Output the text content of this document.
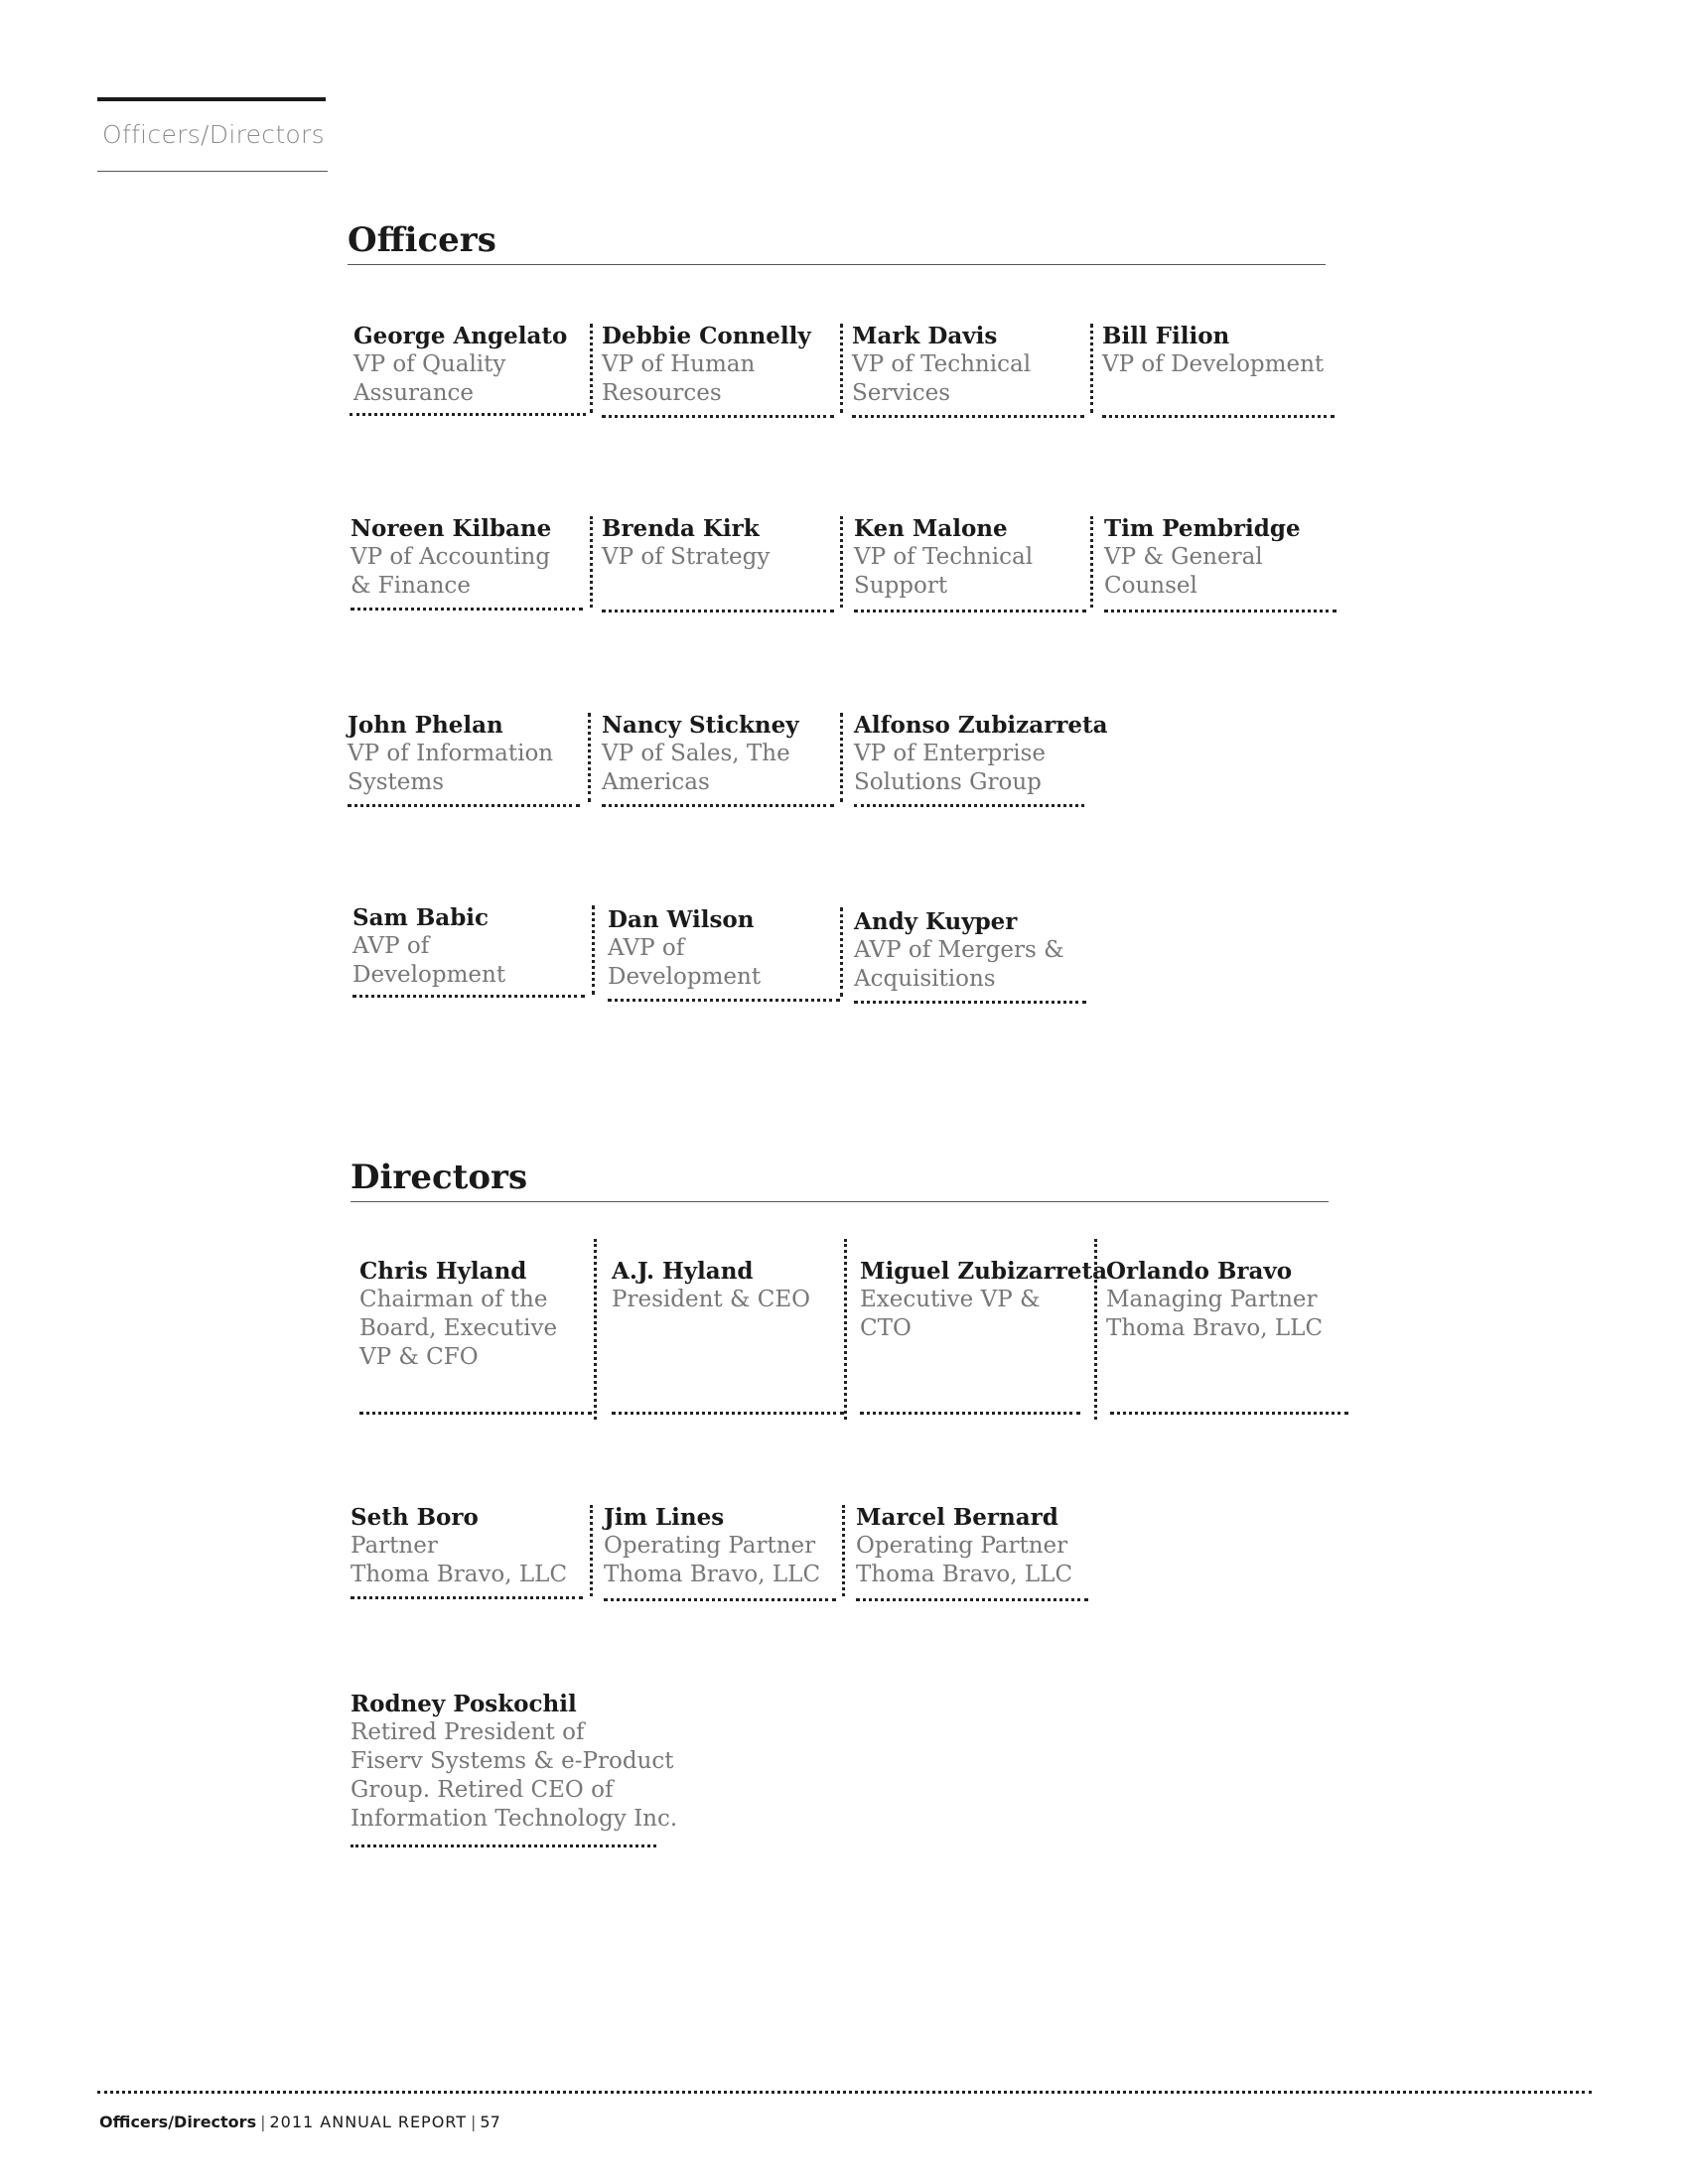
Officers/Directors
Officers

George Angelato

VP of Quality
Assurance

Debbie Connelly

VP of Human
Resources

Mark Davis

VP of Technical
Services

Bill Filion

VP of Development

Noreen Kilbane

VP of Accounting
& Finance

Brenda Kirk

VP of Strategy

Ken Malone

VP of Technical
Support

Tim Pembridge

VP & General
Counsel

John Phelan

VP of Information
Systems

Nancy Stickney

VP of Sales, The
Americas

Alfonso Zubizarreta

VP of Enterprise
Solutions Group

Sam Babic

AVP of Development

Dan Wilson

AVP of Development

Andy Kuyper

AVP of Mergers &
Acquisitions

Directors

Chris Hyland

Chairman of the
Board, Executive
VP & CFO

A.J. Hyland

President & CEO

Miguel Zubizarreta

Executive VP & CTO

Orlando Bravo

Managing Partner
Thoma Bravo, LLC

Seth Boro

Partner
Thoma Bravo, LLC

Jim Lines

Operating Partner
Thoma Bravo, LLC

Marcel Bernard

Operating Partner
Thoma Bravo, LLC

Rodney Poskochil

Retired President of
Fiserv Systems & e-Product
Group. Retired CEO of
Information Technology Inc.

Officers/Directors | 2011 ANNUAL REPORT | 57
